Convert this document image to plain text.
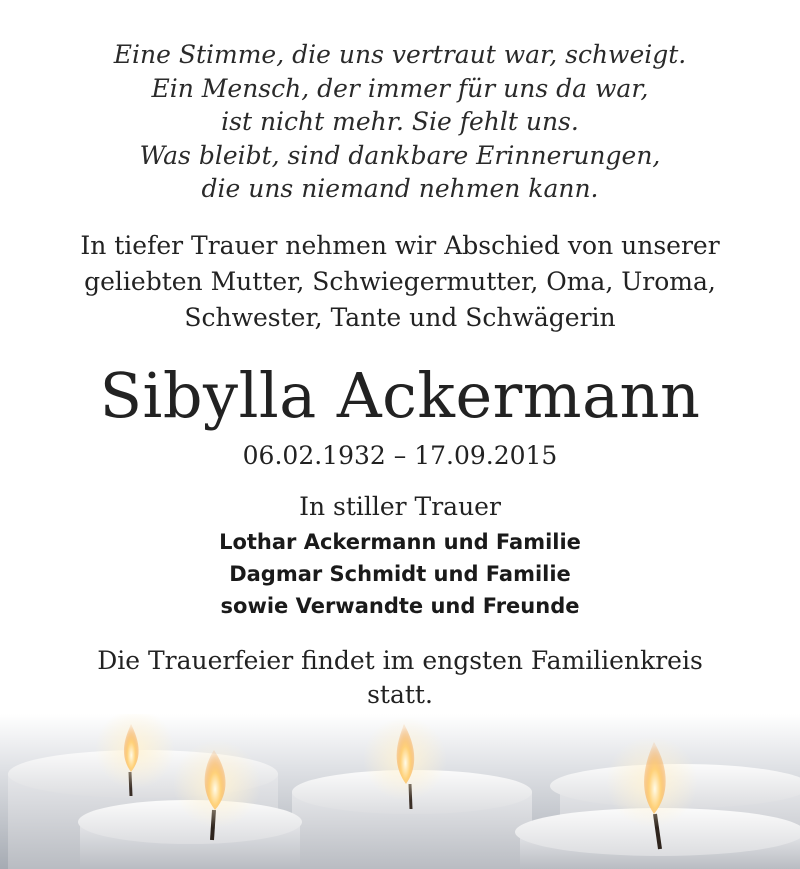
Eine Stimme, die uns vertraut war, schweigt.
Ein Mensch, der immer für uns da war,
ist nicht mehr. Sie fehlt uns.
Was bleibt, sind dankbare Erinnerungen,
die uns niemand nehmen kann.
In tiefer Trauer nehmen wir Abschied von unserer
geliebten Mutter, Schwiegermutter, Oma, Uroma,
Schwester, Tante und Schwägerin
Sibylla Ackermann
06.02.1932 – 17.09.2015
In stiller Trauer
Lothar Ackermann und Familie
Dagmar Schmidt und Familie
sowie Verwandte und Freunde
Die Trauerfeier findet im engsten Familienkreis
statt.
